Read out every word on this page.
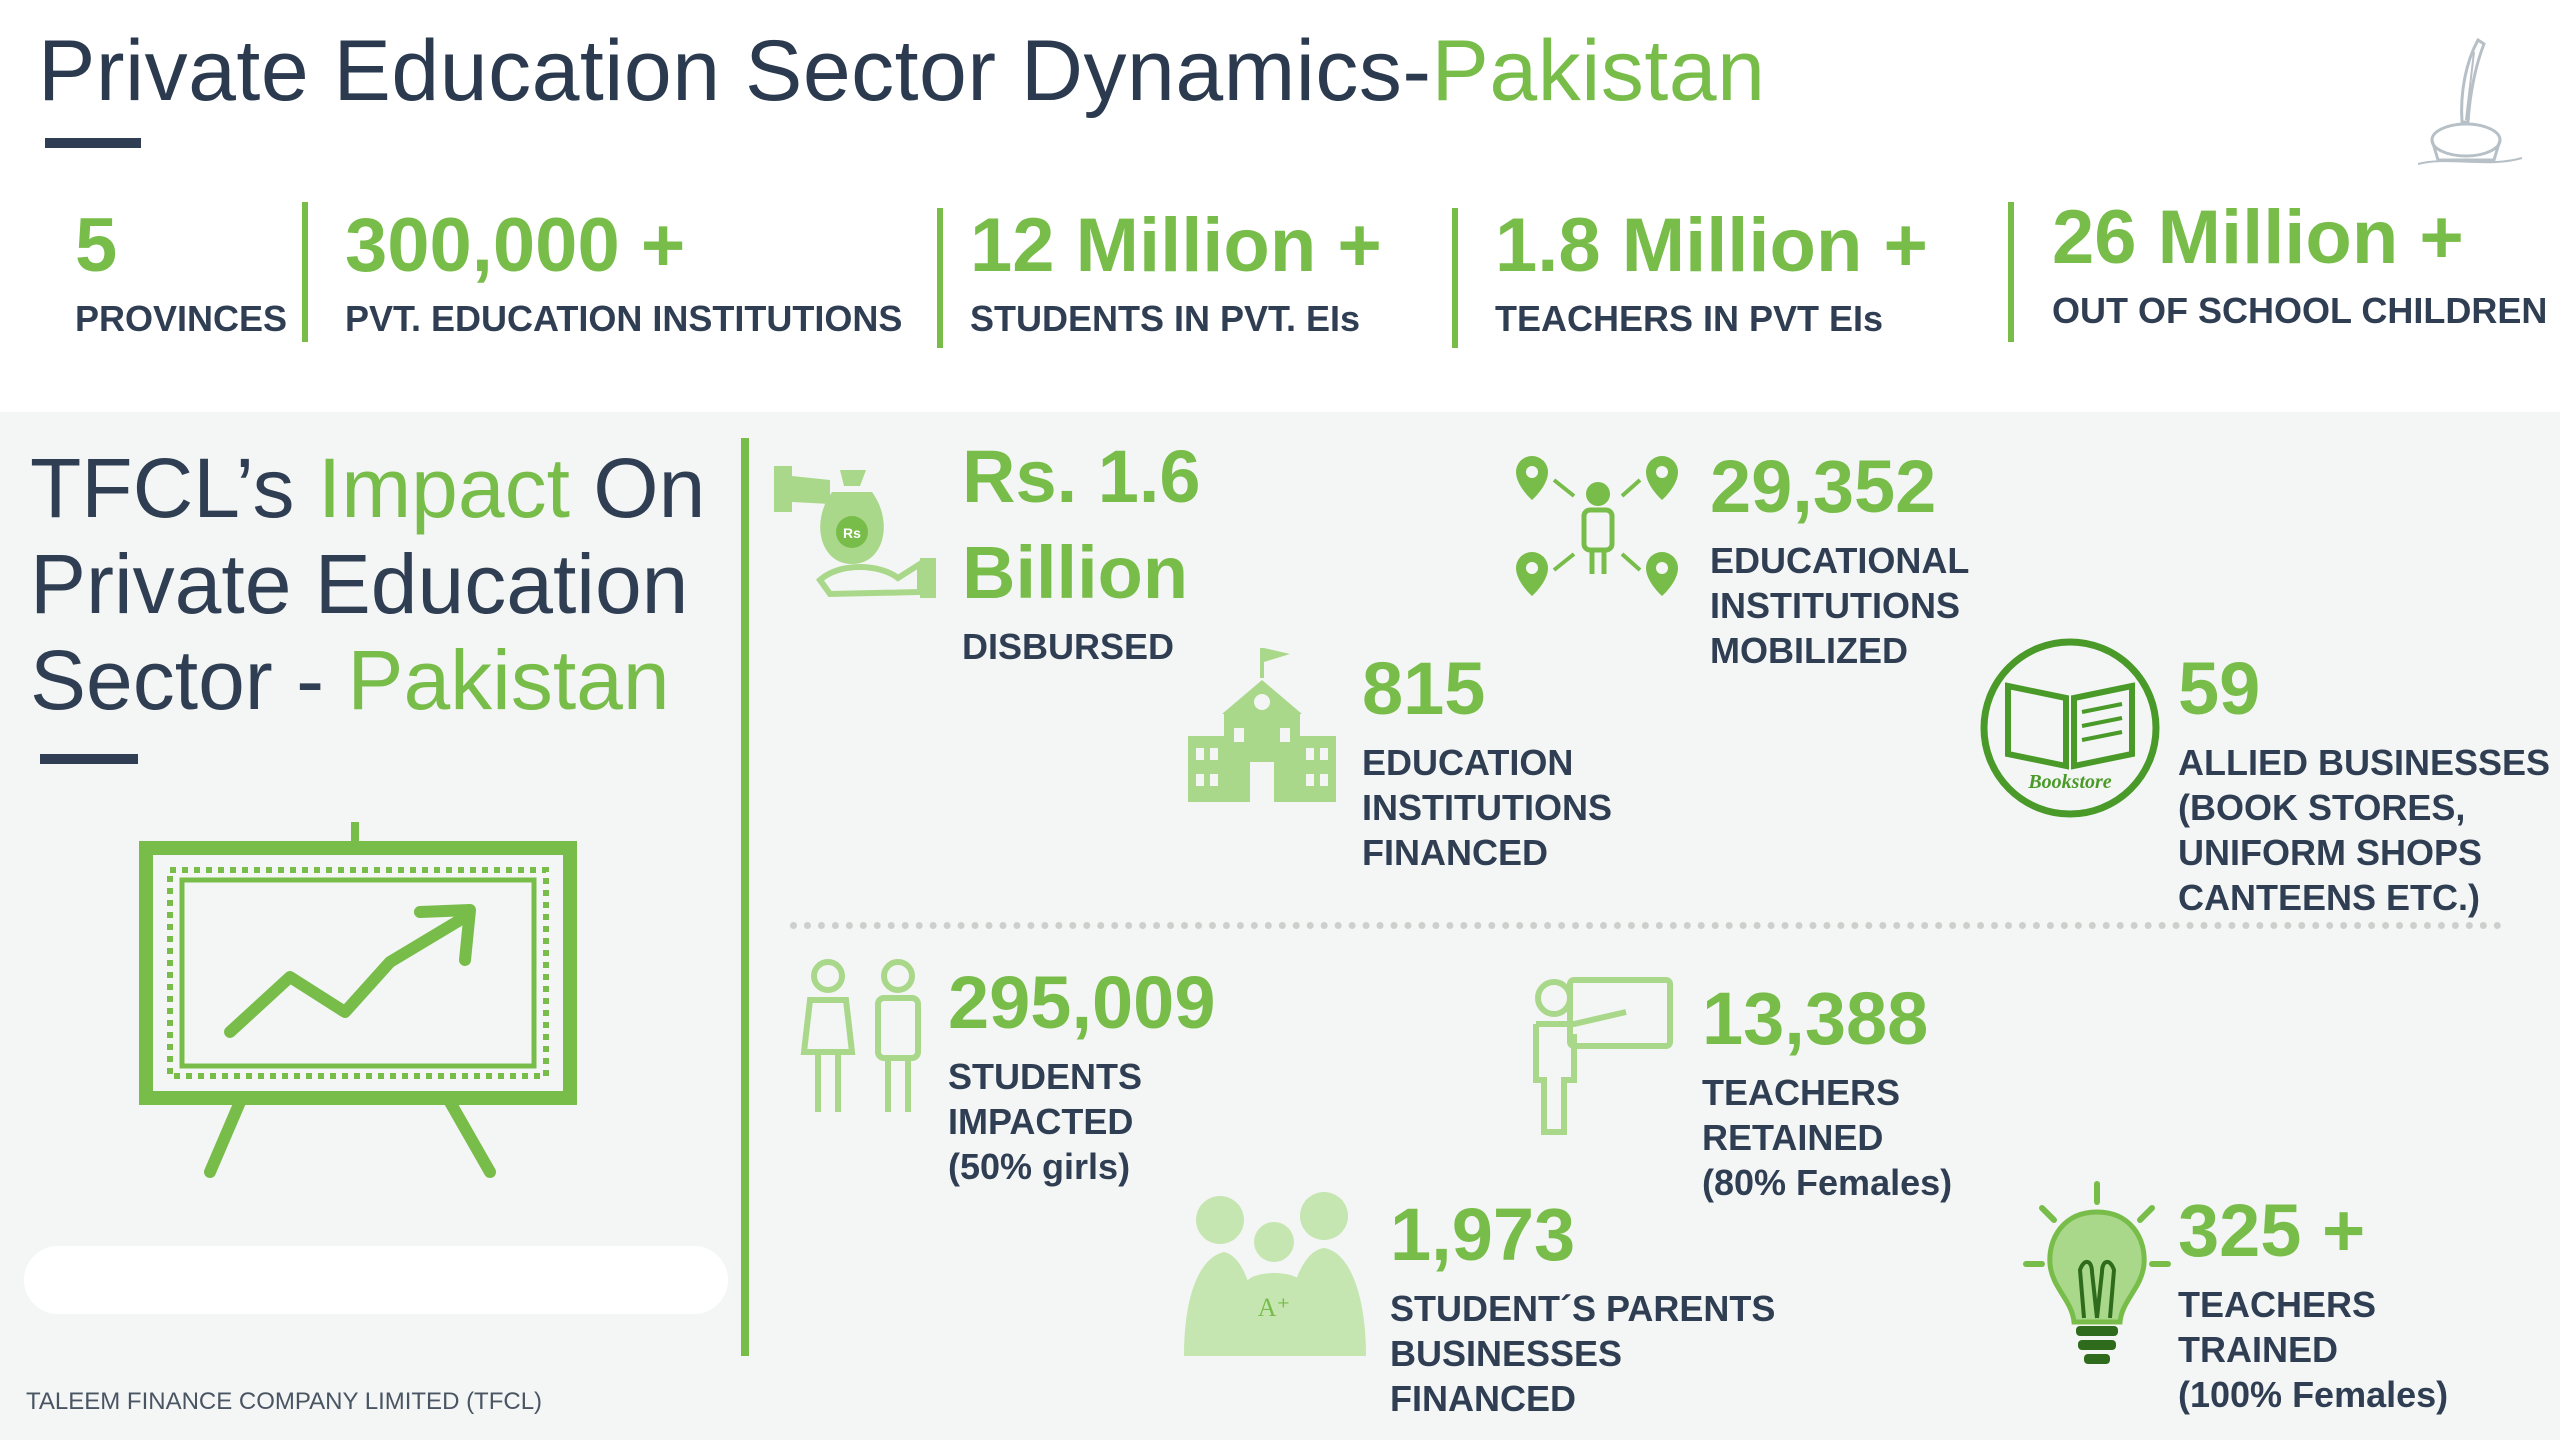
Private Education Sector Dynamics-Pakistan
5
PROVINCES
300,000 +
PVT. EDUCATION INSTITUTIONS
12 Million +
STUDENTS IN PVT. EIs
1.8 Million +
TEACHERS IN PVT EIs
26 Million +
OUT OF SCHOOL CHILDREN
TFCL’s Impact On
Private Education
Sector - Pakistan
Rs
Rs. 1.6
Billion
DISBURSED
29,352
EDUCATIONAL
INSTITUTIONS
MOBILIZED
815
EDUCATION
INSTITUTIONS
FINANCED
Bookstore
59
ALLIED BUSINESSES
(BOOK STORES,
UNIFORM SHOPS
CANTEENS ETC.)
295,009
STUDENTS
IMPACTED
(50% girls)
13,388
TEACHERS
RETAINED
(80% Females)
A⁺
1,973
STUDENT´S PARENTS
BUSINESSES
FINANCED
325 +
TEACHERS
TRAINED
(100% Females)
TALEEM FINANCE COMPANY LIMITED (TFCL)
